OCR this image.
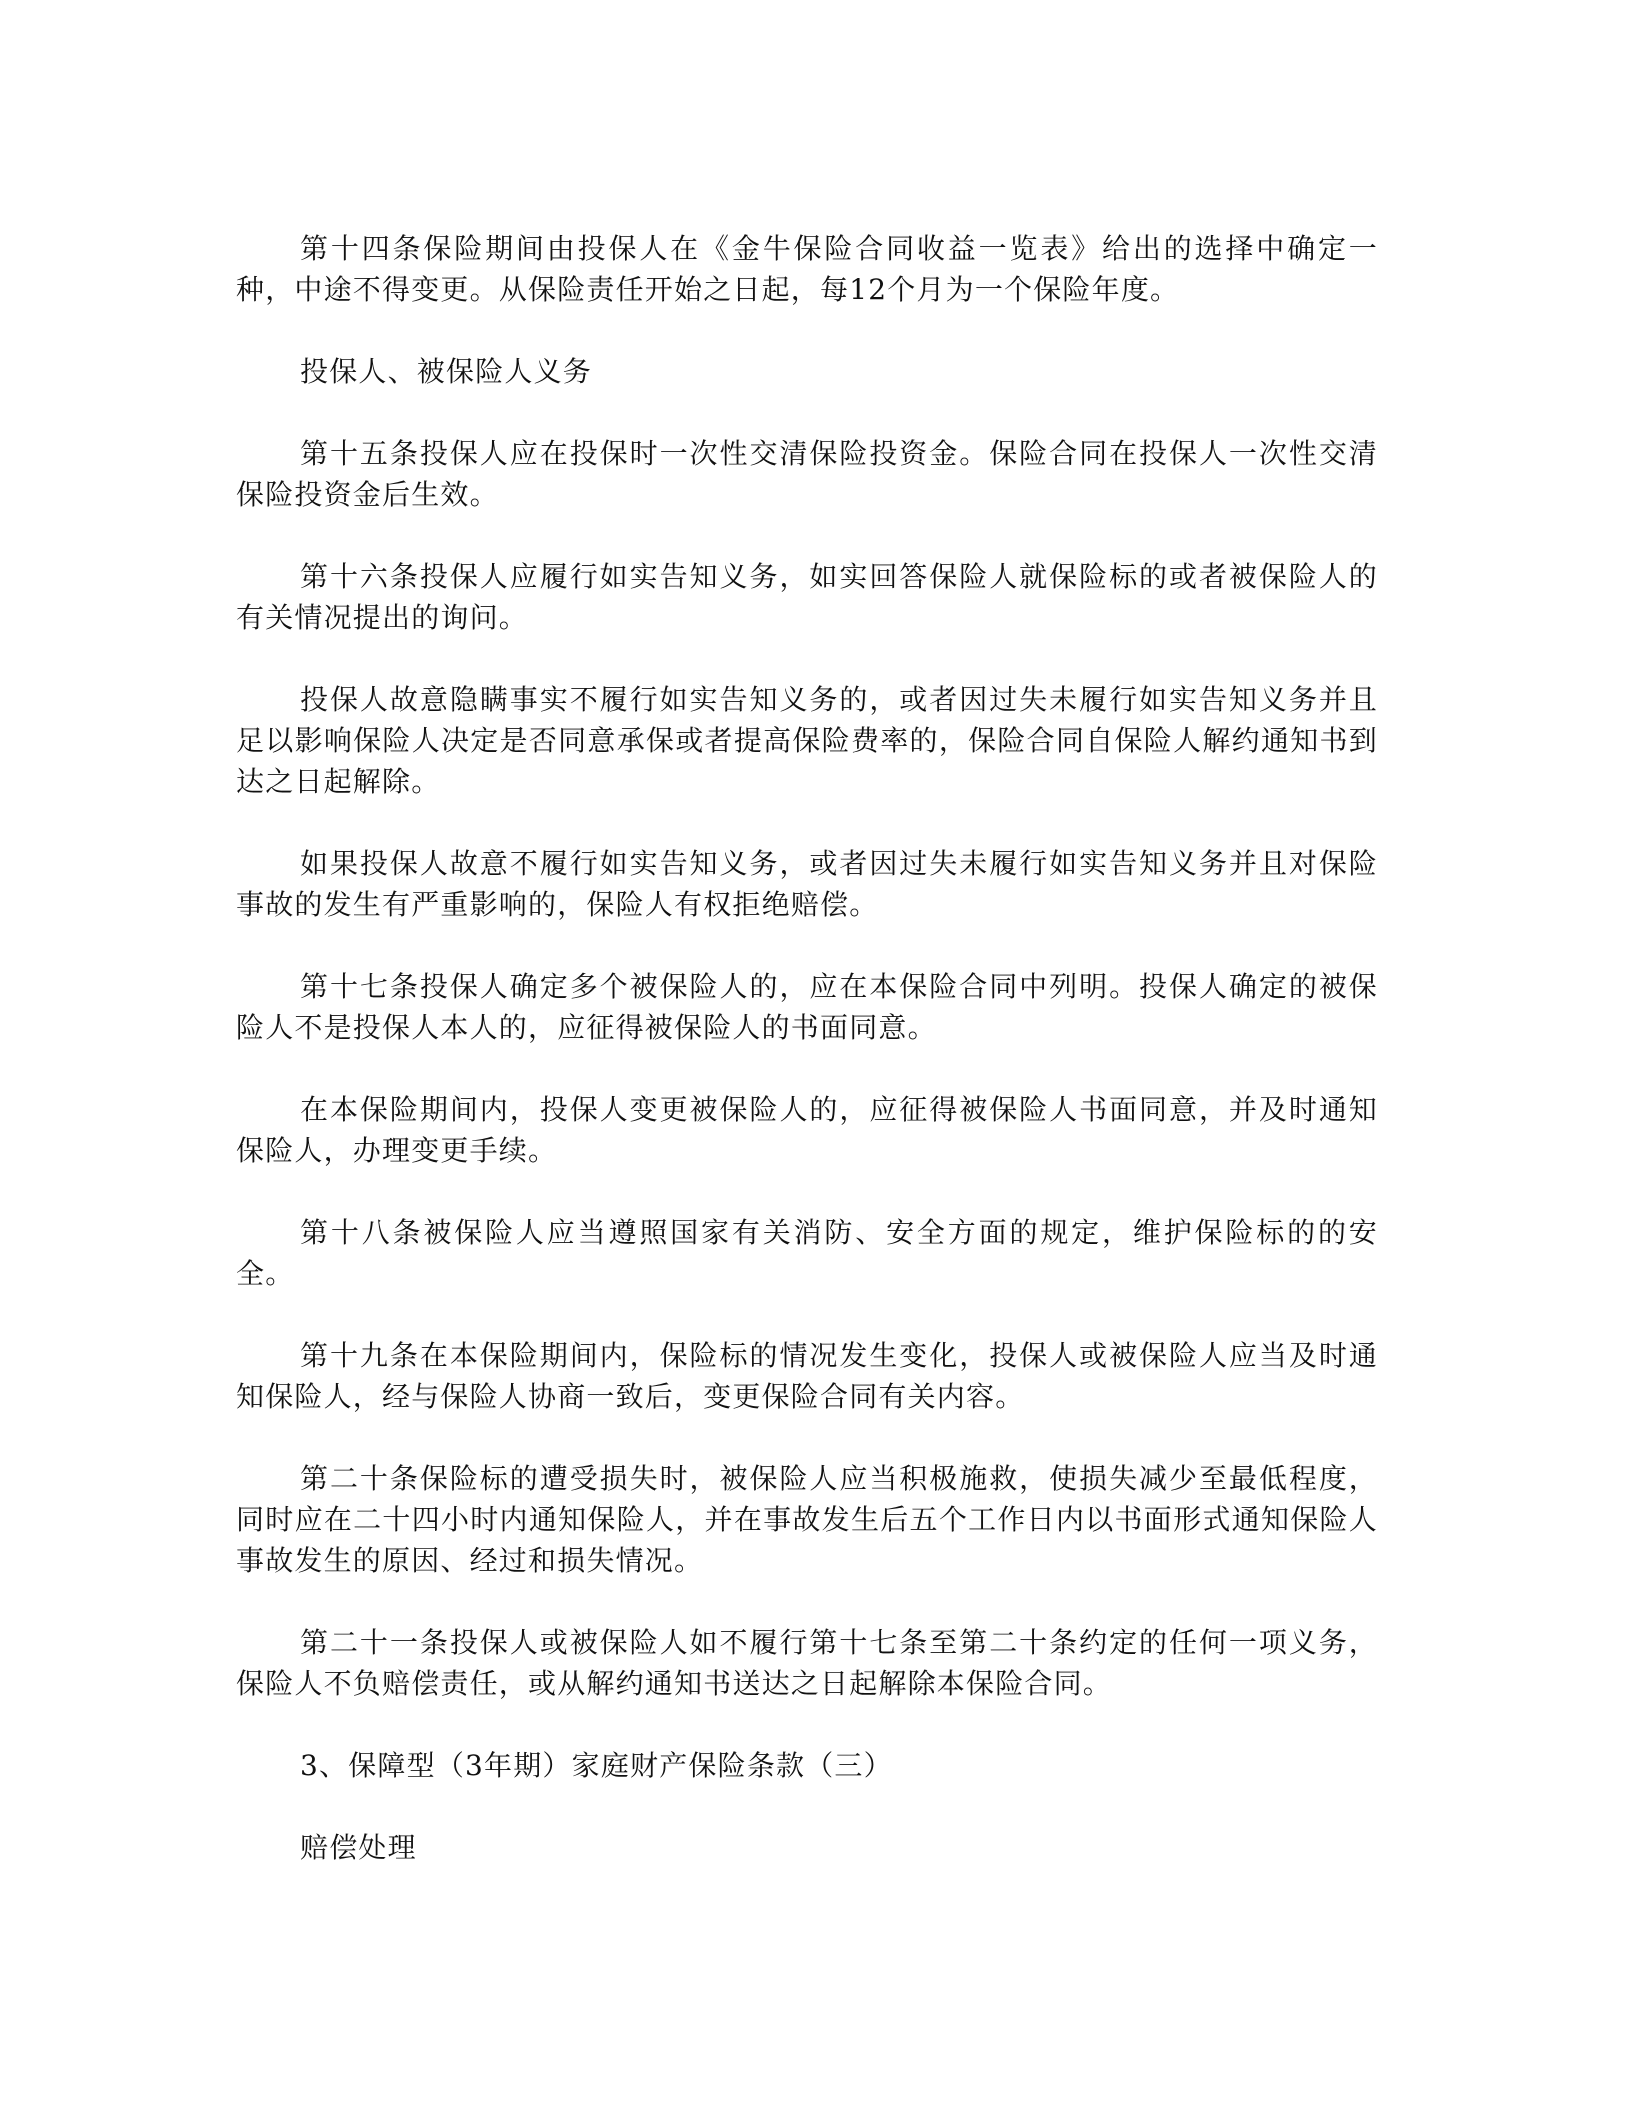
第十四条保险期间由投保人在《金牛保险合同收益一览表》给出的选择中确定一种，中途不得变更。从保险责任开始之日起，每12个月为一个保险年度。

投保人、被保险人义务

第十五条投保人应在投保时一次性交清保险投资金。保险合同在投保人一次性交清保险投资金后生效。

第十六条投保人应履行如实告知义务，如实回答保险人就保险标的或者被保险人的有关情况提出的询问。

投保人故意隐瞒事实不履行如实告知义务的，或者因过失未履行如实告知义务并且足以影响保险人决定是否同意承保或者提高保险费率的，保险合同自保险人解约通知书到达之日起解除。

如果投保人故意不履行如实告知义务，或者因过失未履行如实告知义务并且对保险事故的发生有严重影响的，保险人有权拒绝赔偿。

第十七条投保人确定多个被保险人的，应在本保险合同中列明。投保人确定的被保险人不是投保人本人的，应征得被保险人的书面同意。

在本保险期间内，投保人变更被保险人的，应征得被保险人书面同意，并及时通知保险人，办理变更手续。

第十八条被保险人应当遵照国家有关消防、安全方面的规定，维护保险标的的安全。

第十九条在本保险期间内，保险标的情况发生变化，投保人或被保险人应当及时通知保险人，经与保险人协商一致后，变更保险合同有关内容。

第二十条保险标的遭受损失时，被保险人应当积极施救，使损失减少至最低程度，同时应在二十四小时内通知保险人，并在事故发生后五个工作日内以书面形式通知保险人事故发生的原因、经过和损失情况。

第二十一条投保人或被保险人如不履行第十七条至第二十条约定的任何一项义务，保险人不负赔偿责任，或从解约通知书送达之日起解除本保险合同。

3、保障型（3年期）家庭财产保险条款（三）

赔偿处理
